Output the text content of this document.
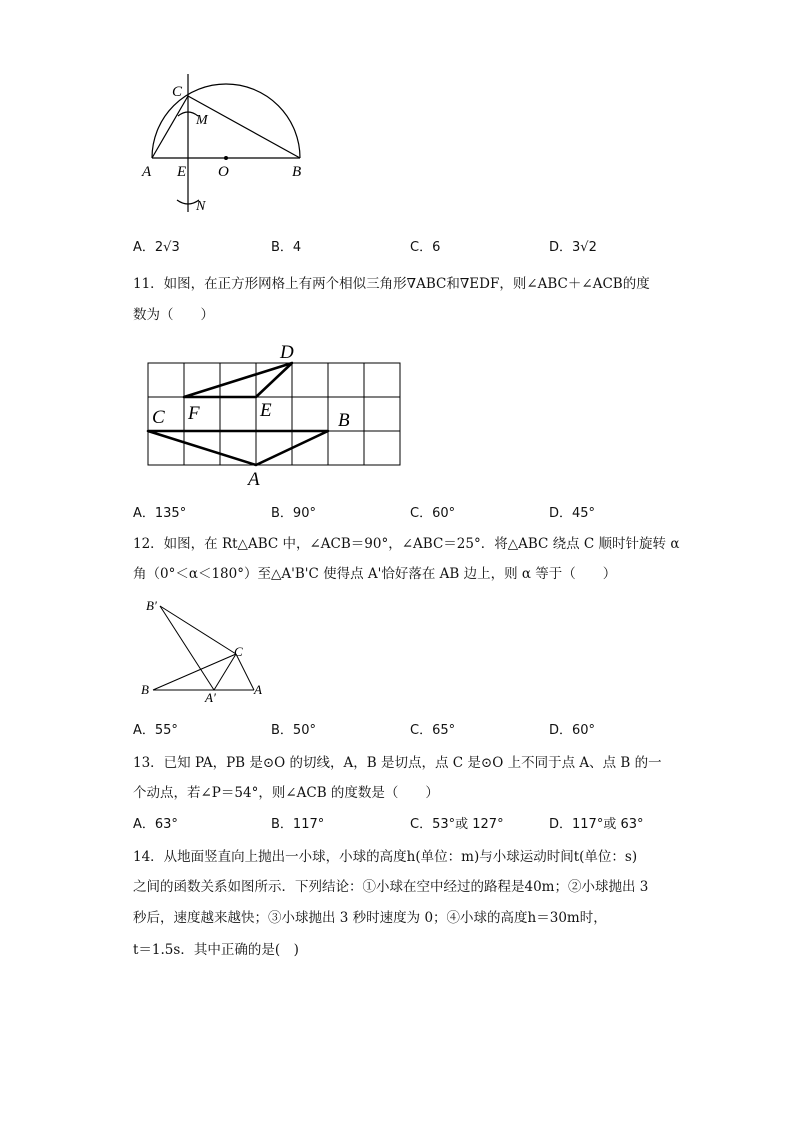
C
M
A E O	B
N
A．2√3	B．4	C．6	D．3√2
11．如图，在正方形网格上有两个相似三角形∇ABC和∇EDF，则∠ABC＋∠ACB的度
数为（　　）
D
C F	E	B
A
A．135°	B．90°	C．60°	D．45°
12．如图，在 Rt△ABC 中，∠ACB＝90°，∠ABC＝25°．将△ABC 绕点 C 顺时针旋转 α
角（0°＜α＜180°）至△A'B'C 使得点 A'恰好落在 AB 边上，则 α 等于（　　）
B′
C
B
A′
A
A．55°	B．50°	C．65°	D．60°
13．已知 PA，PB 是⊙O 的切线，A，B 是切点，点 C 是⊙O 上不同于点 A、点 B 的一
个动点，若∠P＝54°，则∠ACB 的度数是（　　）
A．63°	B．117°	C．53°或 127°	D．117°或 63°
14．从地面竖直向上抛出一小球，小球的高度h(单位：m)与小球运动时间t(单位：s)
之间的函数关系如图所示．下列结论：①小球在空中经过的路程是40m；②小球抛出 3
秒后，速度越来越快；③小球抛出 3 秒时速度为 0；④小球的高度h＝30m时，
t＝1.5s．其中正确的是(　)
